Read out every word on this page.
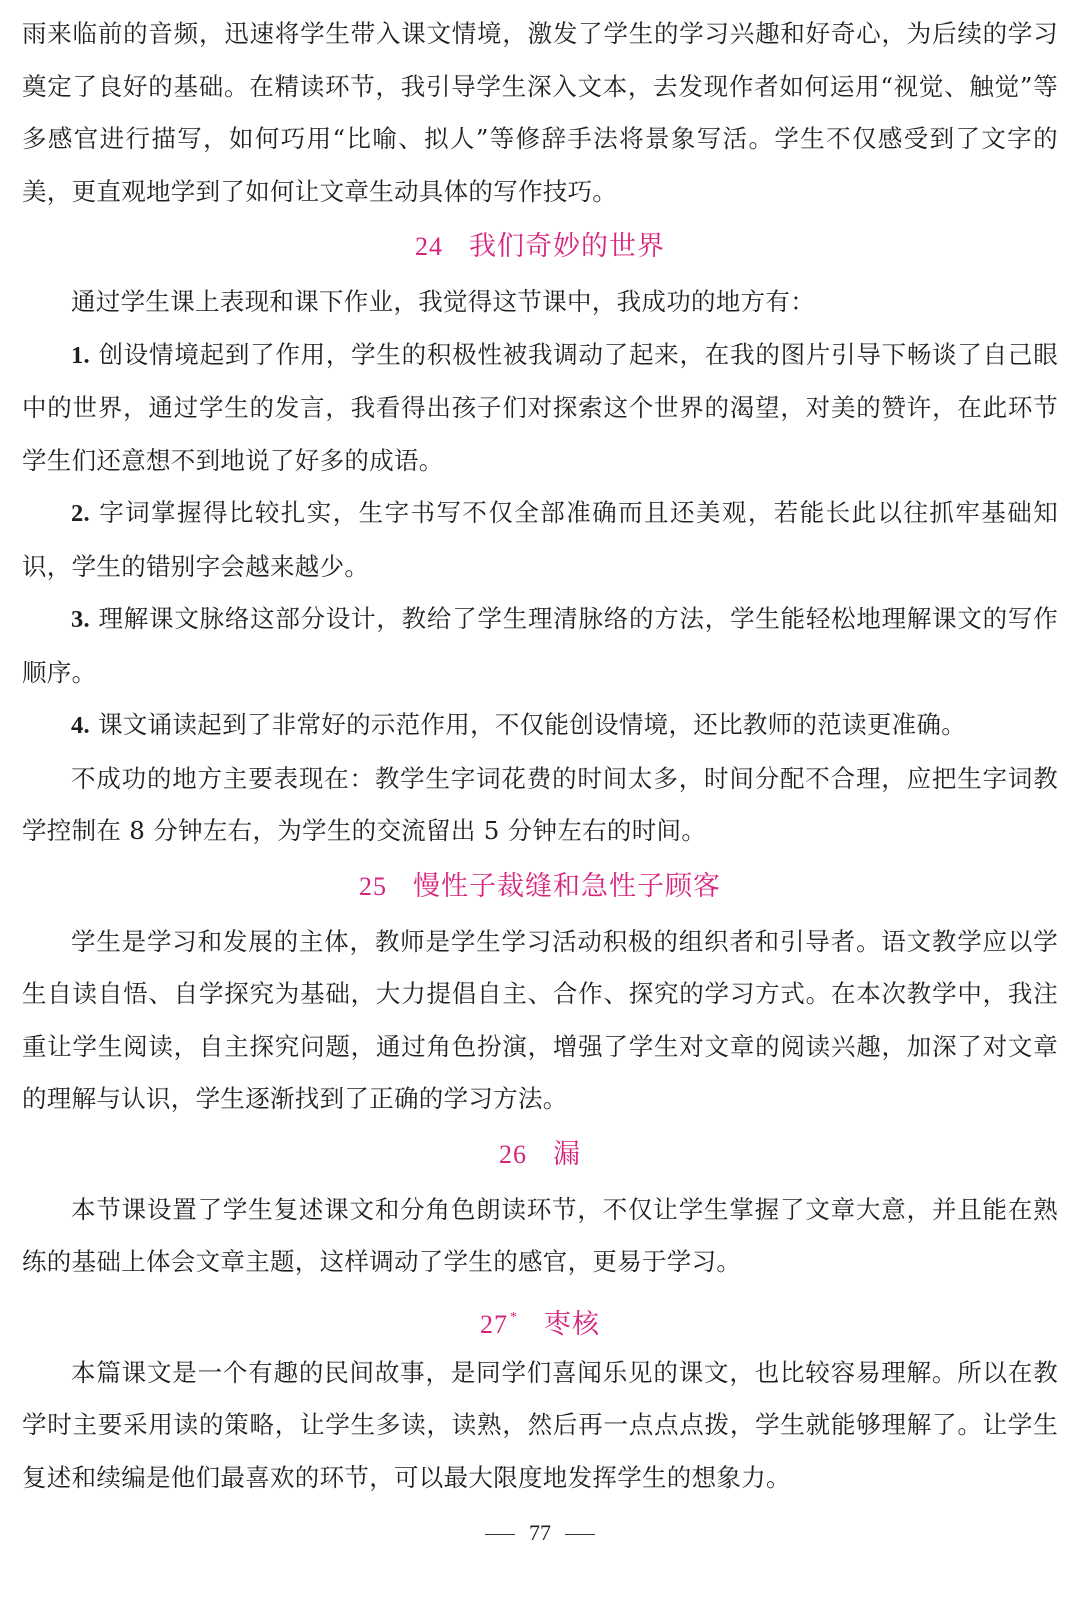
雨来临前的音频，迅速将学生带入课文情境，激发了学生的学习兴趣和好奇心，为后续的学习奠定了良好的基础。在精读环节，我引导学生深入文本，去发现作者如何运用“视觉、触觉”等多感官进行描写，如何巧用“比喻、拟人”等修辞手法将景象写活。学生不仅感受到了文字的美，更直观地学到了如何让文章生动具体的写作技巧。

24 我们奇妙的世界

通过学生课上表现和课下作业，我觉得这节课中，我成功的地方有：

1. 创设情境起到了作用，学生的积极性被我调动了起来，在我的图片引导下畅谈了自己眼中的世界，通过学生的发言，我看得出孩子们对探索这个世界的渴望，对美的赞许，在此环节学生们还意想不到地说了好多的成语。

2. 字词掌握得比较扎实，生字书写不仅全部准确而且还美观，若能长此以往抓牢基础知识，学生的错别字会越来越少。

3. 理解课文脉络这部分设计，教给了学生理清脉络的方法，学生能轻松地理解课文的写作顺序。

4. 课文诵读起到了非常好的示范作用，不仅能创设情境，还比教师的范读更准确。

不成功的地方主要表现在：教学生字词花费的时间太多，时间分配不合理，应把生字词教学控制在 8 分钟左右，为学生的交流留出 5 分钟左右的时间。

25 慢性子裁缝和急性子顾客

学生是学习和发展的主体，教师是学生学习活动积极的组织者和引导者。语文教学应以学生自读自悟、自学探究为基础，大力提倡自主、合作、探究的学习方式。在本次教学中，我注重让学生阅读，自主探究问题，通过角色扮演，增强了学生对文章的阅读兴趣，加深了对文章的理解与认识，学生逐渐找到了正确的学习方法。

26 漏

本节课设置了学生复述课文和分角色朗读环节，不仅让学生掌握了文章大意，并且能在熟练的基础上体会文章主题，这样调动了学生的感官，更易于学习。

27 * 枣核

本篇课文是一个有趣的民间故事，是同学们喜闻乐见的课文，也比较容易理解。所以在教学时主要采用读的策略，让学生多读，读熟，然后再一点点点拨，学生就能够理解了。让学生复述和续编是他们最喜欢的环节，可以最大限度地发挥学生的想象力。

77
